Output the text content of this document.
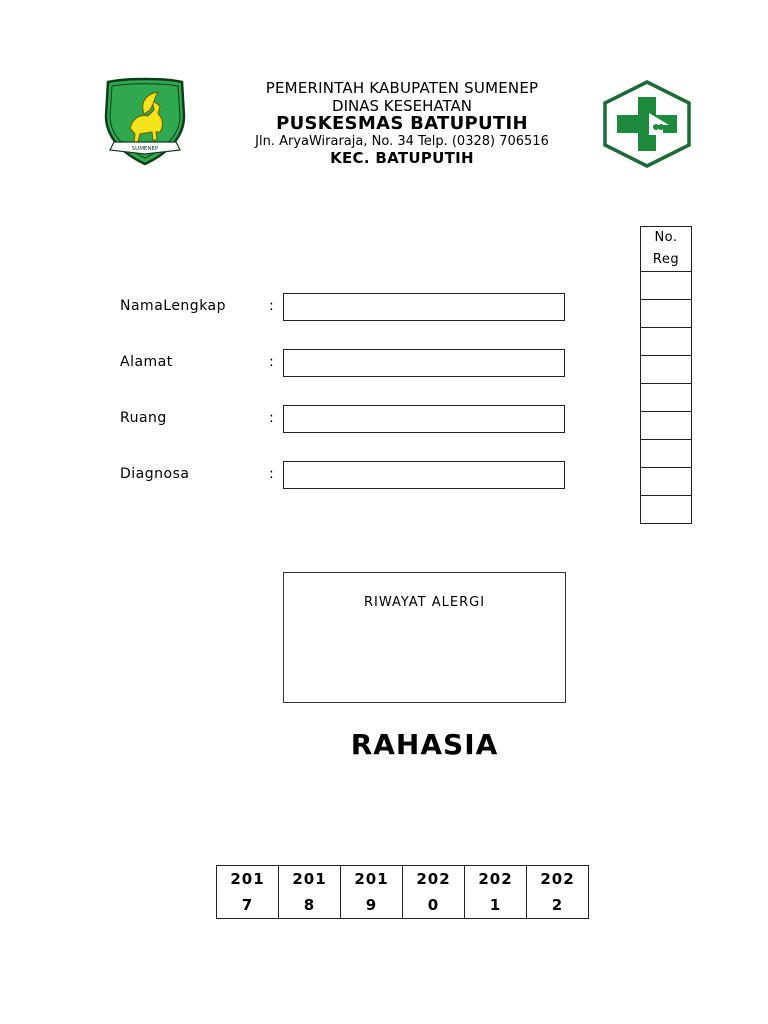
SUMENEP
PEMERINTAH KABUPATEN SUMENEP
DINAS KESEHATAN
PUSKESMAS BATUPUTIH
Jln. AryaWiraraja, No. 34 Telp. (0328) 706516
KEC. BATUPUTIH
No. Reg

NamaLengkap	:
Alamat	:
Ruang	:
Diagnosa	:
RIWAYAT ALERGI
RAHASIA
2017

2018

2019

2020

2021

2022
